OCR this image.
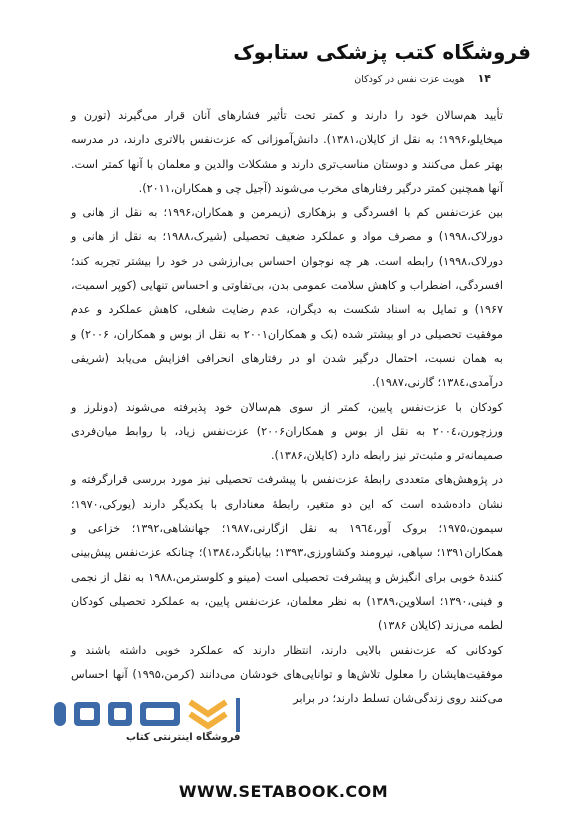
فروشگاه کتب پزشکی ستابوک
۱۴ هویت عزت نفس در کودکان

تأیید هم‌سالان خود را دارند و کمتر تحت تأثیر فشارهای آنان قرار می‌گیرند (تورن و میخایلو،۱۹۹۶؛ به نقل از کایلان،۱۳۸۱). دانش‌آموزانی که عزت‌نفس بالاتری دارند، در مدرسه بهتر عمل می‌کنند و دوستان مناسب‌تری دارند و مشکلات والدین و معلمان با آنها کمتر است. آنها همچنین کمتر درگیر رفتارهای مخرب می‌شوند (آجیل چی و همکاران،۲۰۱۱).

بین عزت‌نفس کم با افسردگی و بزهکاری (زیمرمن و همکاران،۱۹۹۶؛ به نقل از هانی و دورلاک،۱۹۹۸) و مصرف مواد و عملکرد ضعیف تحصیلی (شیرک،۱۹۸۸؛ به نقل از هانی و دورلاک،۱۹۹۸) رابطه است. هر چه نوجوان احساس بی‌ارزشی در خود را بیشتر تجربه کند؛ افسردگی، اضطراب و کاهش سلامت عمومی بدن، بی‌تفاوتی و احساس تنهایی (کوپر اسمیت، ۱۹۶۷) و تمایل به اسناد شکست به دیگران، عدم رضایت شغلی، کاهش عملکرد و عدم موفقیت تحصیلی در او بیشتر شده (بک و همکاران۲۰۰۱ به نقل از بوس و همکاران، ۲۰۰۶) و به همان نسبت، احتمال درگیر شدن او در رفتارهای انحرافی افزایش می‌یابد (شریفی درآمدی،۱۳۸٤؛ گارنی،۱۹۸۷).

کودکان با عزت‌نفس پایین، کمتر از سوی هم‌سالان خود پذیرفته می‌شوند (دونلرز و ورزچورن،۲۰۰٤ به نقل از بوس و همکاران۲۰۰۶) عزت‌نفس زیاد، با روابط میان‌فردی صمیمانه‌تر و مثبت‌تر نیز رابطه دارد (کایلان،۱۳۸۶).

در پژوهش‌های متعددی رابطهٔ عزت‌نفس با پیشرفت تحصیلی نیز مورد بررسی قرارگرفته و نشان داده‌شده است که این دو متغیر، رابطهٔ معناداری با یکدیگر دارند (یورکی،۱۹۷۰؛ سیمون،۱۹۷۵؛ بروک آور،۱۹٦٤ به نقل ازگارنی،۱۹۸۷؛ جهانشاهی،۱۳۹۲؛ خزاعی و همکاران۱۳۹۱؛ سپاهی، نیرومند وکشاورزی،۱۳۹۳؛ بیابانگرد،۱۳۸٤)؛ چنانکه عزت‌نفس پیش‌بینی کنندهٔ خوبی برای انگیزش و پیشرفت تحصیلی است (مینو و کلوسترمن،۱۹۸۸ به نقل از نجمی و فینی،۱۳۹۰؛ اسلاوین،۱۳۸۹) به نظر معلمان، عزت‌نفس پایین، به عملکرد تحصیلی کودکان لطمه می‌زند (کایلان ۱۳۸۶)

کودکانی که عزت‌نفس بالایی دارند، انتظار دارند که عملکرد خوبی داشته باشند و موفقیت‌هایشان را معلول تلاش‌ها و توانایی‌های خودشان می‌دانند (کرمن،۱۹۹۵) آنها احساس می‌کنند روی زندگی‌شان تسلط دارند؛ در برابر

فروشگاه اینترنتی کتاب
WWW.SETABOOK.COM
